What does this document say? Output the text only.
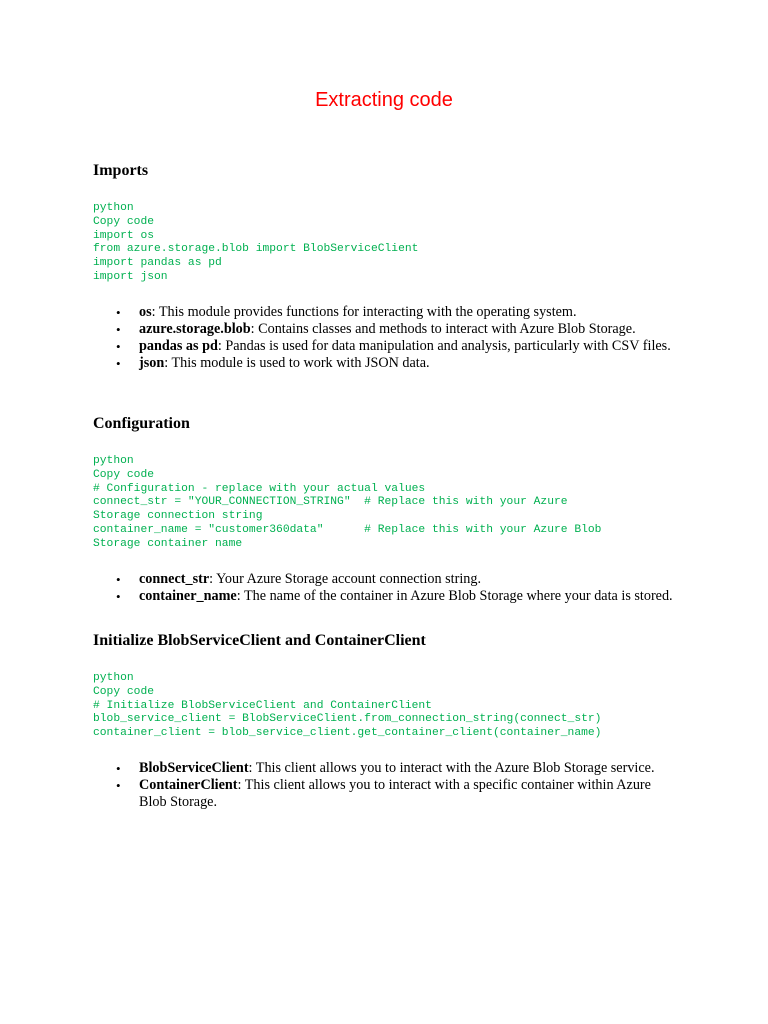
Extracting code
Imports
python
Copy code
import os
from azure.storage.blob import BlobServiceClient
import pandas as pd
import json
• os: This module provides functions for interacting with the operating system.
• azure.storage.blob: Contains classes and methods to interact with Azure Blob Storage.
• pandas as pd: Pandas is used for data manipulation and analysis, particularly with CSV files.
• json: This module is used to work with JSON data.
Configuration
python
Copy code
# Configuration - replace with your actual values
connect_str = "YOUR_CONNECTION_STRING"  # Replace this with your Azure
Storage connection string
container_name = "customer360data"      # Replace this with your Azure Blob
Storage container name
• connect_str: Your Azure Storage account connection string.
• container_name: The name of the container in Azure Blob Storage where your data is stored.
Initialize BlobServiceClient and ContainerClient
python
Copy code
# Initialize BlobServiceClient and ContainerClient
blob_service_client = BlobServiceClient.from_connection_string(connect_str)
container_client = blob_service_client.get_container_client(container_name)
• BlobServiceClient: This client allows you to interact with the Azure Blob Storage service.
• ContainerClient: This client allows you to interact with a specific container within Azure Blob Storage.
